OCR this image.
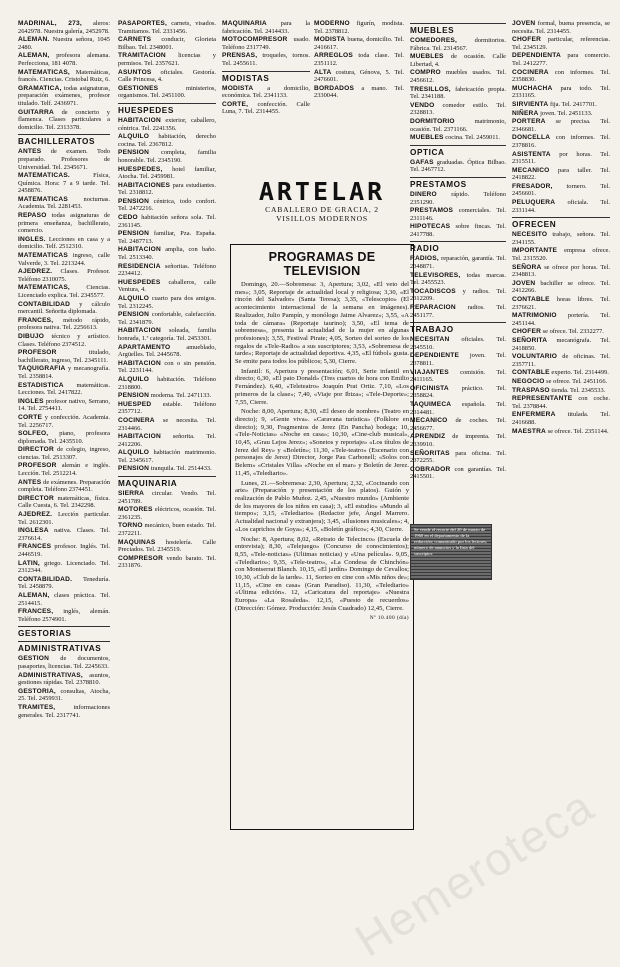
MADRIÑAL, 273, aleros: 2642978. Nuestra galería, 2452978.
ALEMAN. Nuestra señora, 1045 2480.
ALEMAN, profesora alemana. Perfecciona, 181 4078.
MATEMATICAS, Matemáticas, francés. Ciencias. Cristobal Ruiz, 6.
GRAMATICA, todas asignaturas, preparación exámenes, profesor titulado. Telf. 2436971.
GUITARRA de concierto y flamenca. Clases particulares a domicilio. Tel. 2313378.
BACHILLERATOS
ANTES de examen. Todo preparado. Profesores de Universidad. Tel. 2345671.
MATEMATICAS.	Física, Química. Hora: 7 a 9 tarde. Tel. 2458876.
MATEMATICAS nocturnas. Academia. Tel. 2281453.
REPASO todas asignaturas de primera enseñanza, bachillerato, comercio.
INGLES. Lecciones en casa y a domicilio. Telf. 2512310.
MATEMATICAS ingreso, calle Valverde, 3. Tel. 2213244.
AJEDREZ. Clases. Profesor. Teléfono 2310075.
MATEMATICAS,	Ciencias. Licenciado explica. Tel. 2345577.
CONTABILIDAD y cálculo mercantil. Señorita diplomada.
FRANCES, método rápido, profesora nativa. Tel. 2256613.
DIBUJO técnico y artístico. Clases. Teléfono 2374512.
PROFESOR	titulado, bachillerato, ingreso, Tel. 2345111.
TAQUIGRAFIA y mecanografía. Tel. 2358814.
ESTADISTICA matemáticas. Lecciones. Tel. 2417822.
INGLES profesor nativo, Serrano, 14. Tel. 2754411.
CORTE y confección. Academia. Tel. 2256717.
SOLFEO, piano, profesora diplomada. Tel. 2435510.
DIRECTOR de colegio, ingreso, ciencias. Tel. 2513307.
PROFESOR alemán e inglés. Lección. Tel. 2512214.
ANTES de exámenes. Preparación completa. Teléfono 2374451.
DIRECTOR matemáticas, física. Calle Cuesta, 6. Tel. 2342298.
AJEDREZ. Lección particular. Tel. 2612301.
INGLESA nativa. Clases. Tel. 2376614.
FRANCES profesor. Inglés. Tel. 2446519.
LATIN, griego. Licenciado. Tel. 2312344.
CONTABILIDAD. Teneduría. Tel. 2458879.
ALEMAN, clases práctica. Tel. 2514415.
FRANCES, inglés, alemán. Teléfono 2574901.
GESTORIAS
ADMINISTRATIVAS
GESTION de documentos, pasaportes, licencias. Tel. 2245633.
ADMINISTRATIVAS, asuntos, gestiones rápidas. Tel. 2378810.
GESTORIA, consultas, Atocha, 25. Tel. 2459931.
TRAMITES,	informaciones generales. Tel. 2317741.
PASAPORTES, carnets, visados. Tramitamos. Tel. 2331456.
CARNETS conducir, Glorieta Bilbao. Tel. 2348001.
TRAMITACION licencias y permisos. Tel. 2357621.
ASUNTOS oficiales. Gestoría. Calle Princesa, 4.
GESTIONES	ministerios, organismos. Tel. 2451100.
HUESPEDES
HABITACION exterior, caballero, céntrica. Tel. 2241356.
ALQUILO habitación, derecho cocina. Tel. 2367812.
PENSION completa, familia honorable. Tel. 2345190.
HUESPEDES, hotel familiar, Atocha. Tel. 2459981.
HABITACIONES para estudiantes. Tel. 2318812.
PENSION céntrica, todo confort. Tel. 2472216.
CEDO habitación señora sola. Tel. 2361145.
PENSION familiar, Pza. España. Tel. 2487713.
HABITACION amplia, con baño. Tel. 2513340.
RESIDENCIA señoritas. Teléfono 2234412.
HUESPEDES caballeros, calle Ventura, 4.
ALQUILO cuarto para dos amigos. Tel. 2312245.
PENSION confortable, calefacción. Tel. 2341879.
HABITACION soleada, familia honrada, 1.ª categoría. Tel. 2453301.
APARTAMENTO amueblado, Argüelles. Tel. 2445678.
HABITACION con o sin pensión. Tel. 2231144.
ALQUILO habitación. Teléfono 2318800.
PENSION moderna. Tel. 2471133.
HUESPED estable. Teléfono 2357712.
COCINERA se necesita. Tel. 2314466.
HABITACION señorita. Tel. 2412206.
ALQUILO habitación matrimonio. Tel. 2345617.
PENSION tranquila. Tel. 2514433.
MAQUINARIA
SIERRA circular. Vendo. Tel. 2451789.
MOTORES eléctricos, ocasión. Tel. 2361235.
TORNO mecánico, buen estado. Tel. 2372211.
MAQUINAS hostelería. Calle Preciados. Tel. 2345519.
COMPRESOR vendo barato. Tel. 2331876.
MAQUINARIA para la fabricación. Tel. 2414433.
MOTOCOMPRESOR usado. Teléfono 2317749.
PRENSAS, troqueles, tornos. Tel. 2455611.
MODISTAS
MODISTA a domicilio, económica. Tel. 2341133.
CORTE, confección. Calle Luna, 7. Tel. 2314455.
MODERNO figurín, modista. Tel. 2378812.
MODISTA buena, domicilio. Tel. 2416617.
ARREGLOS toda clase. Tel. 2351112.
ALTA costura, Génova, 5. Tel. 2476601.
BORDADOS a mano. Tel. 2330044.
MUEBLES
COMEDORES,	dormitorios. Fábrica. Tel. 2314567.
MUEBLES de ocasión. Calle Libertad, 4.
COMPRO muebles usados. Tel. 2456612.
TRESILLOS, fabricación propia. Tel. 2341188.
VENDO comedor estilo. Tel. 2328813.
DORMITORIO	matrimonio, ocasión. Tel. 2371166.
MUEBLES cocina. Tel. 2459011.
OPTICA
GAFAS graduadas. Óptica Bilbao. Tel. 2467712.
PRESTAMOS
DINERO rápido. Teléfono 2351290.
PRESTAMOS comerciales. Tel. 2311146.
HIPOTECAS sobre fincas. Tel. 2417788.
RADIO
RADIOS, reparación, garantía. Tel. 2348871.
TELEVISORES, todas marcas. Tel. 2455523.
TOCADISCOS y radios. Tel. 2312209.
REPARACION radios. Tel. 2451177.
TRABAJO
NECESITAN oficiales. Tel. 2345510.
DEPENDIENTE joven. Tel. 2378811.
VIAJANTES comisión. Tel. 2411165.
OFICINISTA práctico. Tel. 2358824.
TAQUIMECA española. Tel. 2314481.
MECANICO de coches. Tel. 2456677.
APRENDIZ de imprenta. Tel. 2339910.
SEÑORITAS para oficina. Tel. 2372255.
COBRADOR con garantías. Tel. 2415501.
JOVEN formal, buena presencia, se necesita. Tel. 2314455.
CHOFER particular, referencias. Tel. 2345129.
DEPENDIENTA para comercio. Tel. 2412277.
COCINERA con informes. Tel. 2358830.
MUCHACHA para todo. Tel. 2331165.
SIRVIENTA fija. Tel. 2417701.
NIÑERA joven. Tel. 2451133.
PORTERA se precisa. Tel. 2346681.
DONCELLA con informes. Tel. 2378816.
ASISTENTA por horas. Tel. 2315511.
MECANICO para taller. Tel. 2418822.
FRESADOR, tornero. Tel. 2456601.
PELUQUERA oficiala. Tel. 2331144.
OFRECEN
NECESITO trabajo, señora. Tel. 2341155.
IMPORTANTE empresa ofrece. Tel. 2315520.
SEÑORA se ofrece por horas. Tel. 2348813.
JOVEN bachiller se ofrece. Tel. 2412266.
CONTABLE horas libres. Tel. 2376621.
MATRIMONIO portería. Tel. 2451144.
CHOFER se ofrece. Tel. 2332277.
SEÑORITA mecanógrafa. Tel. 2418850.
VOLUNTARIO de oficinas. Tel. 2357711.
CONTABLE experto. Tel. 2314499.
NEGOCIO se ofrece. Tel. 2451166.
TRASPASO tienda. Tel. 2345533.
REPRESENTANTE con coche. Tel. 2378844.
ENFERMERA titulada. Tel. 2416688.
MAESTRA se ofrece. Tel. 2351144.
ARTELAR
CABALLERO DE GRACIA, 2
VISILLOS MODERNOS
PROGRAMAS DE TELEVISION

Domingo, 20.—Sobremesa: 3, Apertura; 3,02, «El veto del mes»; 3,05, Reportaje de actualidad local y religiosa; 3,30, «El rincón del Salvador» (Santa Teresa); 3,35, «Telescopio» (El acontecimiento internacional de la semana en imágenes). Realizador, Julio Pampín, y monólogo Jaime Alvarez»; 3,55, «A toda de cámara» (Reportaje taurino); 3,50, «El tema de sobremesa», presenta la actualidad de la mujer en algunas profesiones); 3,55, Festival Pirate; 4,05, Sorteo del sorteo de los regalos de «Tele-Radio» a sus suscriptores; 3,53, «Sobremesa de tarde»; Reportaje de actualidad deportiva. 4,35, «El fútbol» gusta. Se emite para todos los públicos; 5,30, Cierre.

Infantil: 6, Apertura y presentación; 6,01, Serie infantil en directo; 6,30, «El pato Donald» (Tres cuartos de hora con Emilio Fernández). 6,40, «Teleteatro» Joaquín Prat Ortiz. 7,10, «Los primeros de la clase»; 7,40, «Viaje por Ibiza»; «Tele-Deporte»; 7,55, Cierre.

Noche: 8,00, Apertura; 8,30, «El deseo de nombre» (Teatro en directo); 9, «Gente viva». «Caravana turística» (Folklore en directo); 9,30, Fragmentos de Jerez (En Pancha) bodega; 10, «Tele-Noticias» «Noche en casa»; 10,30, «Cine-club musical», 10,45, «Grau Lejos Jerez»; «Sonetos y reportaje» «Los títulos de Jerez del Rey» y «Boletín»; 11,30, «Tele-teatro» (Escenario con personajes de Jerez) Director, Jorge Pau Carbonell; «Solos con Belem» «Cristales Villa» «Noche en el mar» y Boletín de Jerez. 11,45, «Telediario».

Lunes, 21.—Sobremesa: 2,30, Apertura; 2,32, «Cocinando con arte» (Preparación y presentación de los platos). Guión y realización de Pablo Muñoz. 2,45, «Nuestro mundo» (Ambiente de los mayores de los niños en casa); 3, «El estudio» «Mundo al tiempo»; 3,15, «Telediario» (Redactor jefe, Ángel Marrero. Actualidad nacional y extranjera); 3,45, «Ilusiones musicales»; 4, «Los caprichos de Goya»; 4,15, «Boletín gráfico»; 4,30, Cierre.

Noche: 8, Apertura; 8,02, «Retrato de Telecinco» (Escuela de entrevista); 8,30, «Telejuego» (Concurso de conocimientos); 8,55, «Tele-noticias» (Ultimas noticias) y «Una película». 9,05, «Telediario»; 9,35, «Tele-teatro», «La Condesa de Chinchón» con Montserrat Blanch. 10,15, «El jardín» Domingo de Cevallos; 10,30, «Club de la tarde». 11, Sorteo en cine con «Mis niños de»; 11,15, «Cine en casa» (Gran Paradiso). 11,30, «Telediario» «Última edición». 12, «Caricatura del reportaje» «Nuestra Europa» «La Rosaleda». 12,15, «Puesto de recuerdos» (Dirección: Gómez. Producción: Jesús Cuadrado) 12,45, Cierre.

Nº 10.400 (día)
Se vende el recorte del 20 de marzo de 1960 en el departamento de la redacción; comunicado por los lectores; número de anuncios y la lista del suscriptor.
Hemeroteca
